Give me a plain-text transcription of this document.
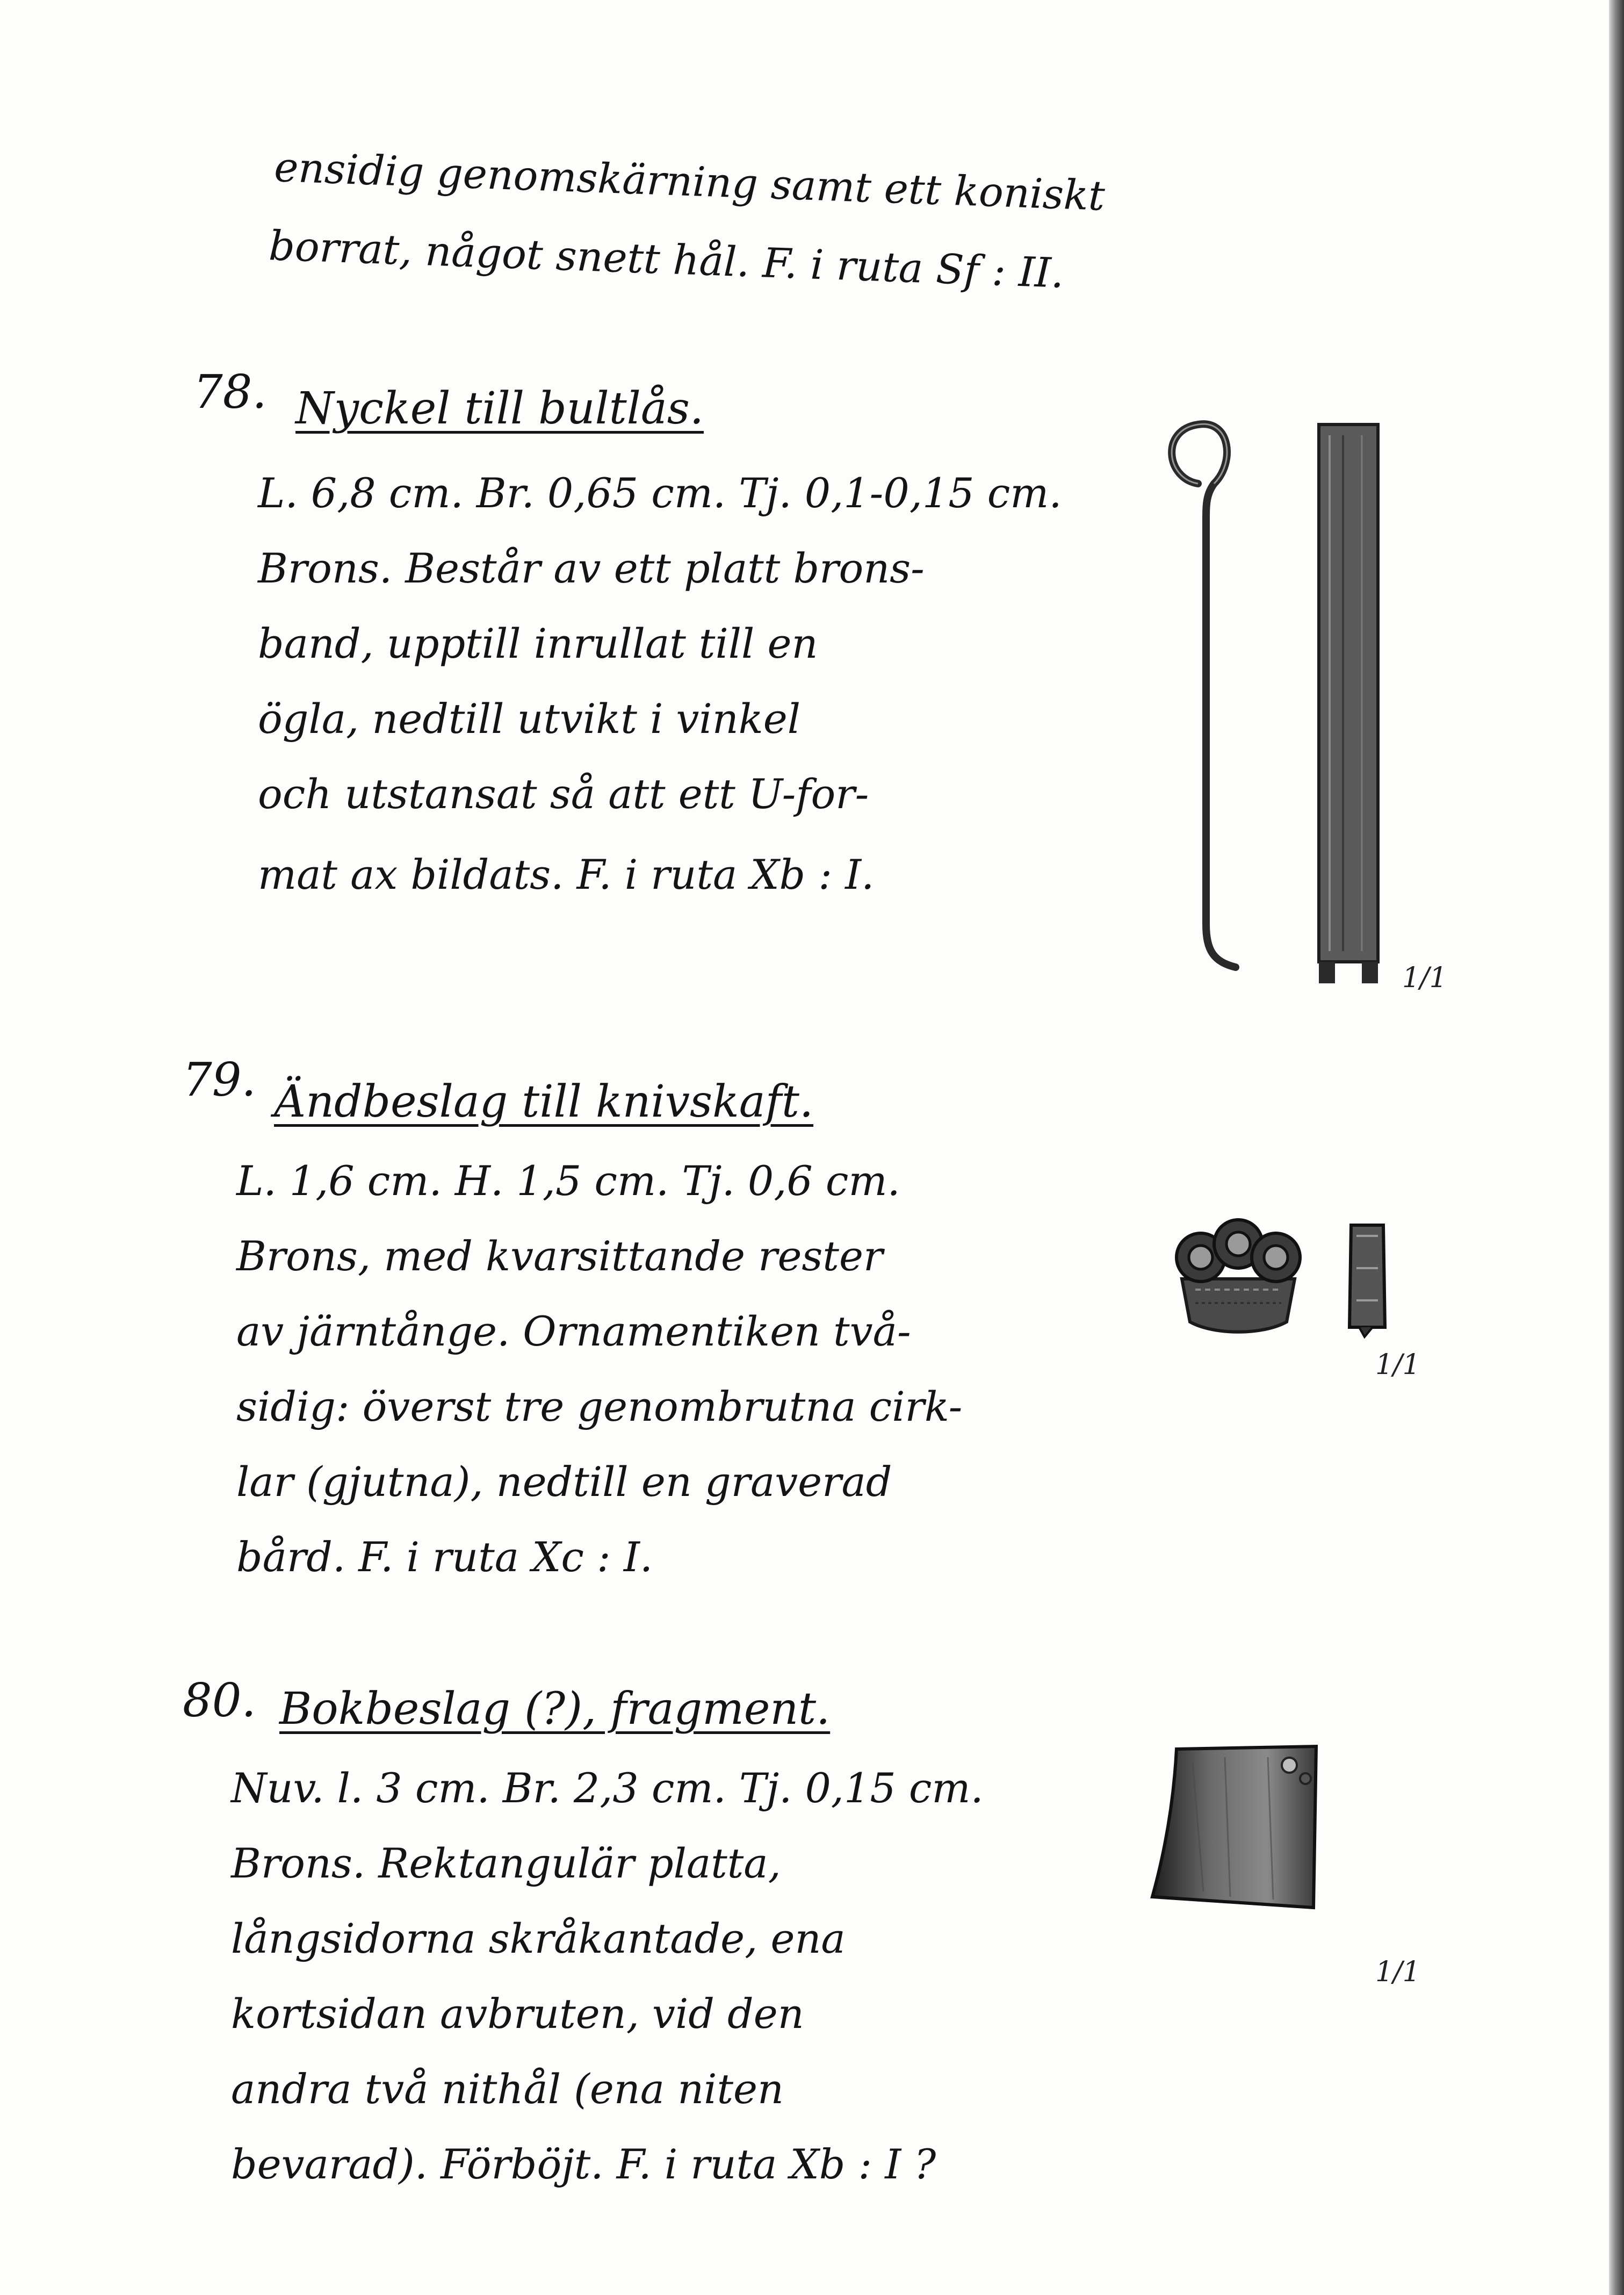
ensidig genomskärning samt ett koniskt
borrat, något snett hål. F. i ruta Sf : II.
78. Nyckel till bultlås.
L. 6,8 cm. Br. 0,65 cm. Tj. 0,1-0,15 cm.
Brons. Består av ett platt brons-
band, upptill inrullat till en
ögla, nedtill utvikt i vinkel
och utstansat så att ett U-for-
mat ax bildats. F. i ruta Xb : I.
1/1
79. Ändbeslag till knivskaft.
L. 1,6 cm. H. 1,5 cm. Tj. 0,6 cm.
Brons, med kvarsittande rester
av järntånge. Ornamentiken två-
sidig: överst tre genombrutna cirk-
lar (gjutna), nedtill en graverad
bård. F. i ruta Xc : I.
1/1
80. Bokbeslag (?), fragment.
Nuv. l. 3 cm. Br. 2,3 cm. Tj. 0,15 cm.
Brons. Rektangulär platta,
långsidorna skråkantade, ena
kortsidan avbruten, vid den
andra två nithål (ena niten
bevarad). Förböjt. F. i ruta Xb : I ?
1/1
